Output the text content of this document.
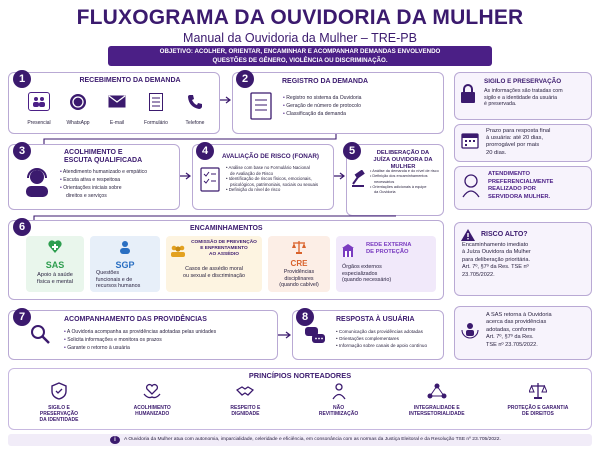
FLUXOGRAMA DA OUVIDORIA DA MULHER
Manual da Ouvidoria da Mulher – TRE-PB
OBJETIVO: ACOLHER, ORIENTAR, ENCAMINHAR E ACOMPANHAR DEMANDAS ENVOLVENDO
QUESTÕES DE GÊNERO, VIOLÊNCIA OU DISCRIMINAÇÃO.
1	RECEBIMENTO DA DEMANDA
Presencial	WhatsApp	E-mail	Formulário	Telefone
2	REGISTRO DA DEMANDA
• Registro no sistema da Ouvidoria
• Geração de número de protocolo
• Classificação da demanda
SIGILO E PRESERVAÇÃO
As informações são tratadas com
sigilo e a identidade da usuária
é preservada.
3	ACOLHIMENTO E
ESCUTA QUALIFICADA
• Atendimento humanizado e empático
• Escuta ativa e respeitosa
• Orientações iniciais sobre
direitos e serviços
4	AVALIAÇÃO DE RISCO (FONAR)
• Análise com base no Formulário Nacional
de Avaliação de Risco
• Identificação de riscos físicos, emocionais,
psicológicos, patrimoniais, sociais ou sexuais
• Definição do nível de risco
5	DELIBERAÇÃO DA
JUÍZA OUVIDORA DA MULHER
• Análise da demanda e do nível de risco
• Definição dos encaminhamentos
necessários
• Orientações adicionais à equipe
da Ouvidoria
Prazo para resposta final
à usuária: até 20 dias,
prorrogável por mais
20 dias.
ATENDIMENTO
PREFERENCIALMENTE
REALIZADO POR
SERVIDORA MULHER.
6	ENCAMINHAMENTOS
SAS
Apoio à saúde
física e mental
SGP
Questões
funcionais e de
recursos humanos
COMISSÃO DE PREVENÇÃO
E ENFRENTAMENTO
AO ASSÉDIO
Casos de assédio moral
ou sexual e discriminação
CRE
Providências
disciplinares
(quando cabível)
REDE EXTERNA
DE PROTEÇÃO
Órgãos externos
especializados
(quando necessário)
RISCO ALTO?
Encaminhamento imediato
à Juíza Ouvidora da Mulher
para deliberação prioritária.
Art. 7º, §7º da Res. TSE nº
23.705/2022.
7	ACOMPANHAMENTO DAS PROVIDÊNCIAS
• A Ouvidoria acompanha as providências adotadas pelas unidades
• Solicita informações e monitora os prazos
• Garante o retorno à usuária
8	RESPOSTA À USUÁRIA
• Comunicação das providências adotadas
• Orientações complementares
• Informação sobre canais de apoio contínuo
A SAS retorna à Ouvidoria
acerca das providências
adotadas, conforme
Art. 7º, §7º da Res.
TSE nº 23.705/2022.
PRINCÍPIOS NORTEADORES
SIGILO E
PRESERVAÇÃO
DA IDENTIDADE
ACOLHIMENTO
HUMANIZADO
RESPEITO E
DIGNIDADE
NÃO
REVITIMIZAÇÃO
INTEGRALIDADE E
INTERSETORIALIDADE
PROTEÇÃO E GARANTIA
DE DIREITOS
i	A Ouvidoria da Mulher atua com autonomia, imparcialidade, celeridade e eficiência, em consonância com as normas da Justiça Eleitoral e da Resolução TSE nº 23.705/2022.
